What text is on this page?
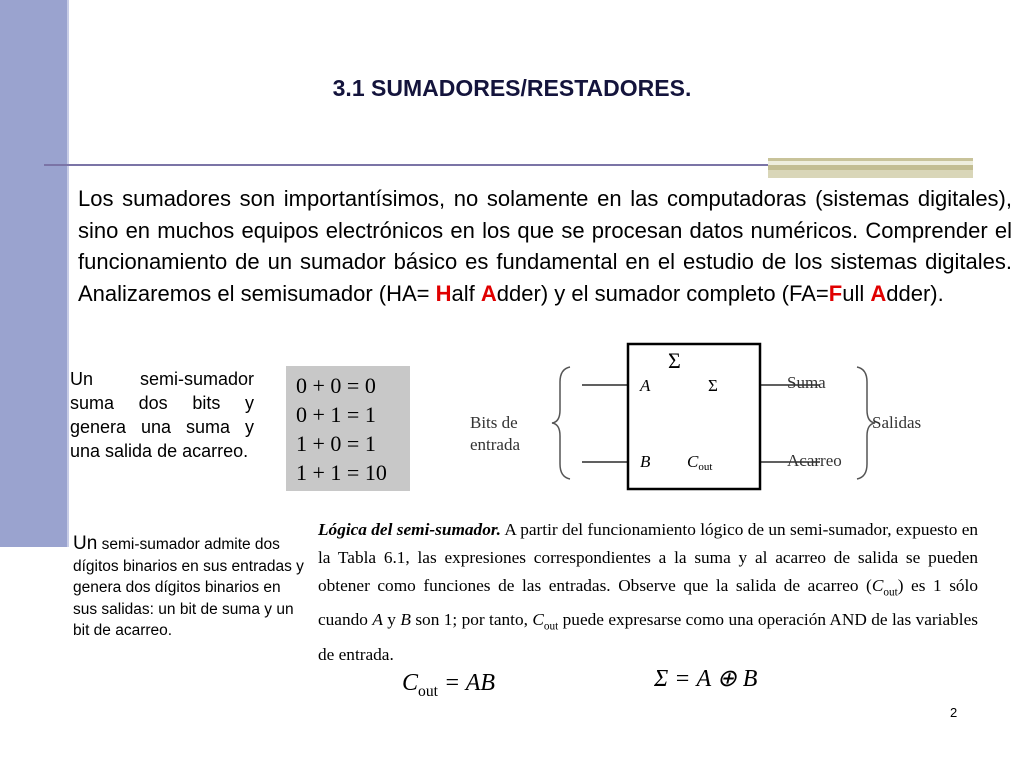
3.1 SUMADORES/RESTADORES.

Los sumadores son importantísimos, no solamente en las computadoras (sistemas digitales), sino en muchos equipos electrónicos en los que se procesan datos numéricos. Comprender el funcionamiento de un sumador básico es fundamental en el estudio de los sistemas digitales. Analizaremos el semisumador (HA= Half Adder) y el sumador completo (FA=Full Adder).

Un semi-sumador suma dos bits y genera una suma y una salida de acarreo.

0 + 0 = 0
0 + 1 = 1
1 + 0 = 1
1 + 1 = 10
Σ
A
B
Σ
Cout
Bits de
entrada
Suma
Acarreo
Salidas

Un semi-sumador admite dos dígitos binarios en sus entradas y genera dos dígitos binarios en sus salidas: un bit de suma y un bit de acarreo.

Lógica del semi-sumador. A partir del funcionamiento lógico de un semi-sumador, expuesto en la Tabla 6.1, las expresiones correspondientes a la suma y al acarreo de salida se pueden obtener como funciones de las entradas. Observe que la salida de acarreo $(C_{out})$ es 1 sólo cuando A y B son 1; por tanto, $C_{out}$ puede expresarse como una operación AND de las variables de entrada.

$C_{out}$ = AB	Σ = A ⊕ B
2
